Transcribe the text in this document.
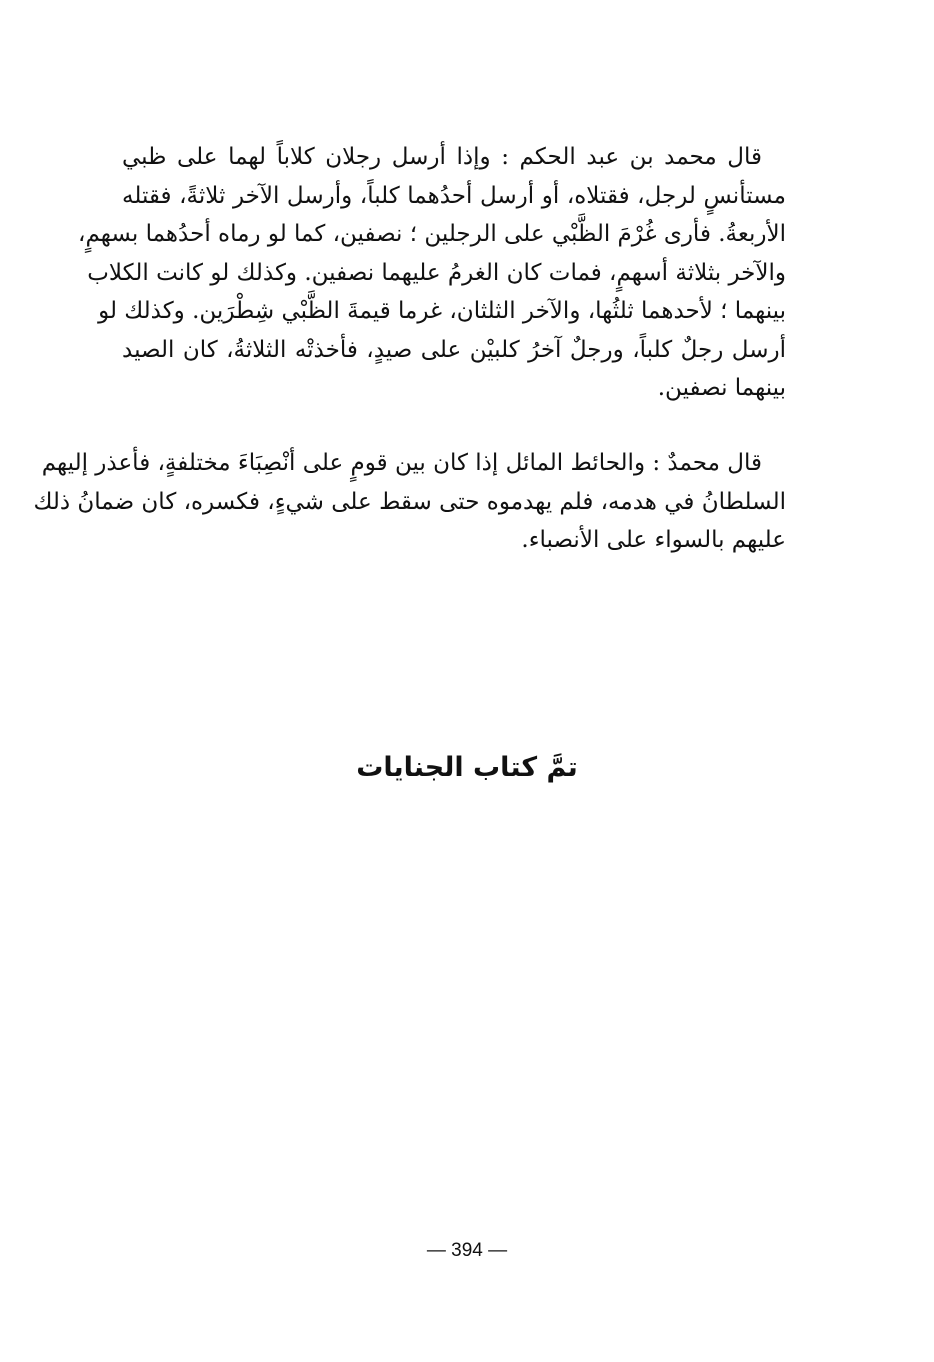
قال محمد بن عبد الحكم : وإذا أرسل رجلان كلاباً لهما على ظبي
مستأنسٍ لرجل، فقتلاه، أو أرسل أحدُهما كلباً، وأرسل الآخر ثلاثةً، فقتله
الأربعةُ. فأرى غُرْمَ الظَّبْي على الرجلين ؛ نصفين، كما لو رماه أحدُهما بسهمٍ،
والآخر بثلاثة أسهمٍ، فمات كان الغرمُ عليهما نصفين. وكذلك لو كانت الكلاب
بينهما ؛ لأحدهما ثلثُها، والآخر الثلثان، غرما قيمةَ الظَّبْي شِطْرَين. وكذلك لو
أرسل رجلٌ كلباً، ورجلٌ آخرُ كلبيْن على صيدٍ، فأخذتْه الثلاثةُ، كان الصيد
بينهما نصفين.
قال محمدٌ : والحائط المائل إذا كان بين قومٍ على أنْصِبَاءَ مختلفةٍ، فأعذر إليهم
السلطانُ في هدمه، فلم يهدموه حتى سقط على شيءٍ، فكسره، كان ضمانُ ذلك
عليهم بالسواء على الأنصباء.
تمَّ كتاب الجنايات
— 394 —
